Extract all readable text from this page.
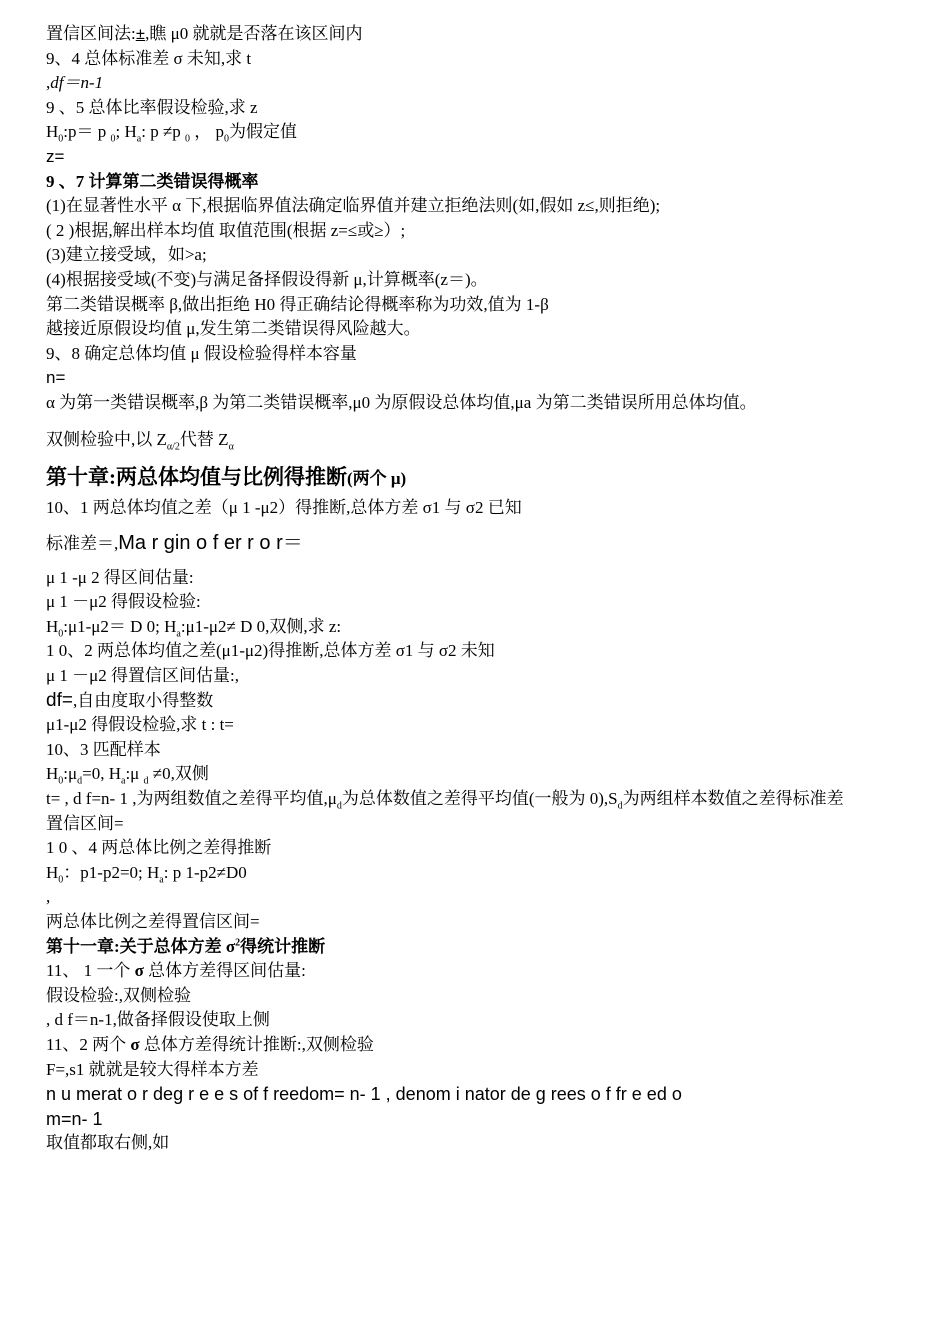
置信区间法:±,瞧 μ0 就就是否落在该区间内
9、4 总体标准差 σ 未知,求 t
,df＝n-1
9 、5 总体比率假设检验,求 z
$H_0:p= p$ $_0$; $H_a$: p ≠p $_0$ ， $p_0$为假定值
z=
9 、7 计算第二类错误得概率
(1)在显著性水平 α 下,根据临界值法确定临界值并建立拒绝法则(如,假如 z≤,则拒绝);
( 2 )根据,解出样本均值 取值范围(根据 z=≤或≥）;
(3)建立接受域，如>a;
(4)根据接受域(不变)与满足备择假设得新 μ,计算概率(z＝)。
第二类错误概率 β,做出拒绝 H0 得正确结论得概率称为功效,值为 1-β
越接近原假设均值 μ,发生第二类错误得风险越大。
9、8 确定总体均值 μ 假设检验得样本容量
n=
α 为第一类错误概率,β 为第二类错误概率,μ0 为原假设总体均值,μa 为第二类错误所用总体均值。
双侧检验中,以 $Z_{\alpha/2}$代替 $Z_\alpha$
第十章:两总体均值与比例得推断(两个 μ)
10、1 两总体均值之差（μ 1 -μ2）得推断,总体方差 σ1 与 σ2 已知
标准差＝,Ma r gin o f er r o r＝
μ 1 -μ 2 得区间估量:
μ 1 －μ2 得假设检验:
$H_0:\mu 1-\mu 2= D$ 0; $H_a:\mu 1-\mu 2\ne D$ 0,双侧,求 z:
1 0、2 两总体均值之差(μ1-μ2)得推断,总体方差 σ1 与 σ2 未知
μ 1 －μ2 得置信区间估量:,
df=,自由度取小得整数
μ1-μ2 得假设检验,求 t : t=
10、3 匹配样本
$H_0:\mu_d=0$, $H_a:\mu$ $_d$ ≠0,双侧
t= , d f=n- 1 ,为两组数值之差得平均值$,\mu_d$为总体数值之差得平均值(一般为 $0),S_d$为两组样本数值之差得标准差
置信区间=
1 0 、4 两总体比例之差得推断
$H_0$：p1-p2=0; $H_a$: p 1-p2≠D0
,
两总体比例之差得置信区间=
第十一章:关于总体方差 $\sigma^2$得统计推断
11、 1 一个 σ 总体方差得区间估量:
假设检验:,双侧检验
, d f＝n-1,做备择假设使取上侧
11、2 两个 σ 总体方差得统计推断:,双侧检验
F=,s1 就就是较大得样本方差
n u merat o r deg r e e s of f reedom= n- 1 , denom i nator de g rees o f fr e ed o
m=n- 1
取值都取右侧,如
